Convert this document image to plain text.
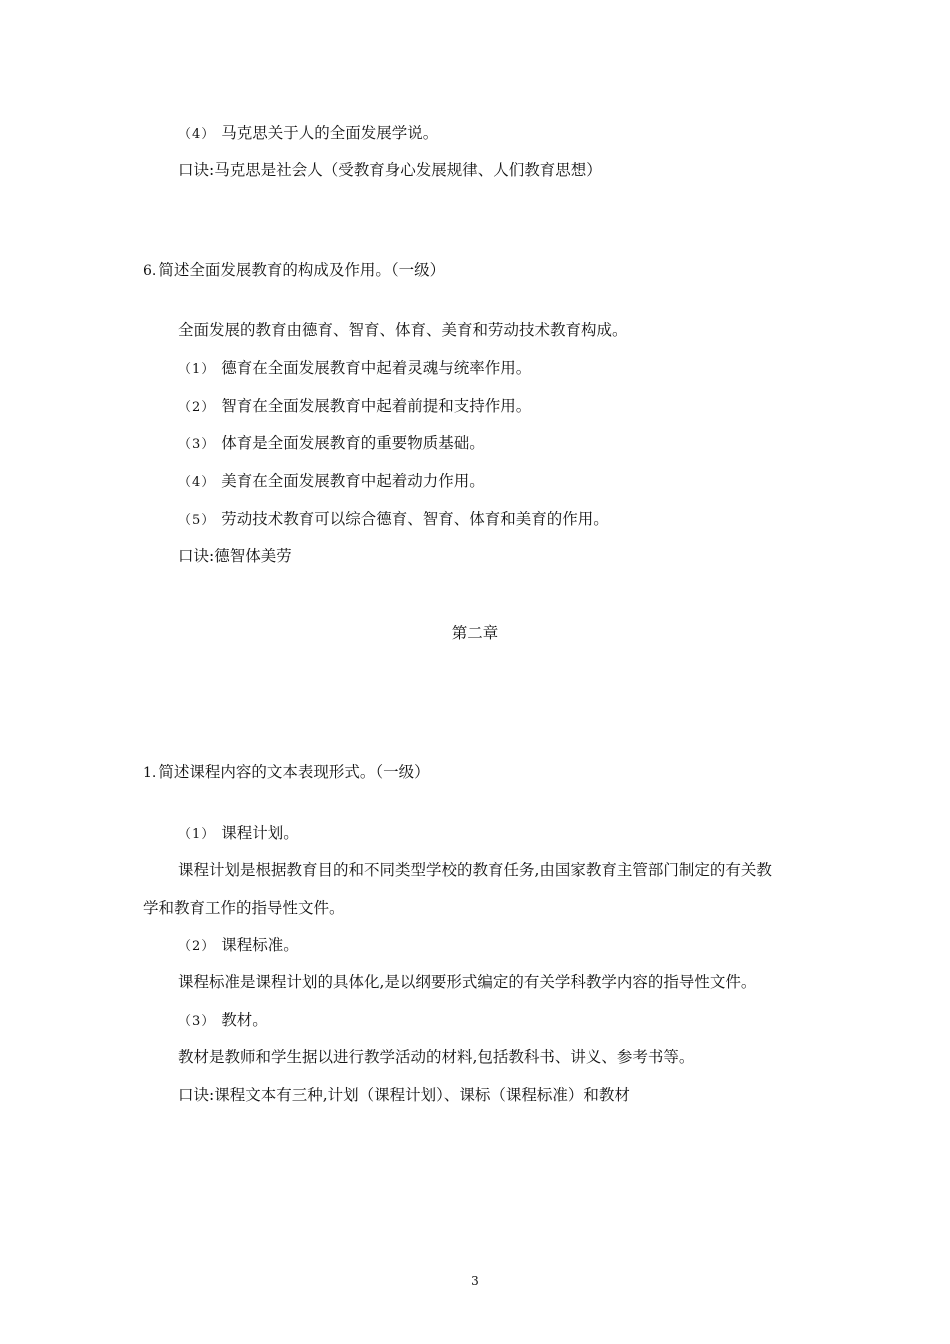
（4） 马克思关于人的全面发展学说。
口诀:马克思是社会人（受教育身心发展规律、人们教育思想）
6. 简述全面发展教育的构成及作用。（一级）
全面发展的教育由德育、智育、体育、美育和劳动技术教育构成。
（1） 德育在全面发展教育中起着灵魂与统率作用。
（2） 智育在全面发展教育中起着前提和支持作用。
（3） 体育是全面发展教育的重要物质基础。
（4） 美育在全面发展教育中起着动力作用。
（5） 劳动技术教育可以综合德育、智育、体育和美育的作用。
口诀:德智体美劳
第二章
1. 简述课程内容的文本表现形式。（一级）
（1） 课程计划。
课程计划是根据教育目的和不同类型学校的教育任务,由国家教育主管部门制定的有关教
学和教育工作的指导性文件。
（2） 课程标准。
课程标准是课程计划的具体化,是以纲要形式编定的有关学科教学内容的指导性文件。
（3） 教材。
教材是教师和学生据以进行教学活动的材料,包括教科书、讲义、参考书等。
口诀:课程文本有三种,计划（课程计划）、课标（课程标准）和教材
3
